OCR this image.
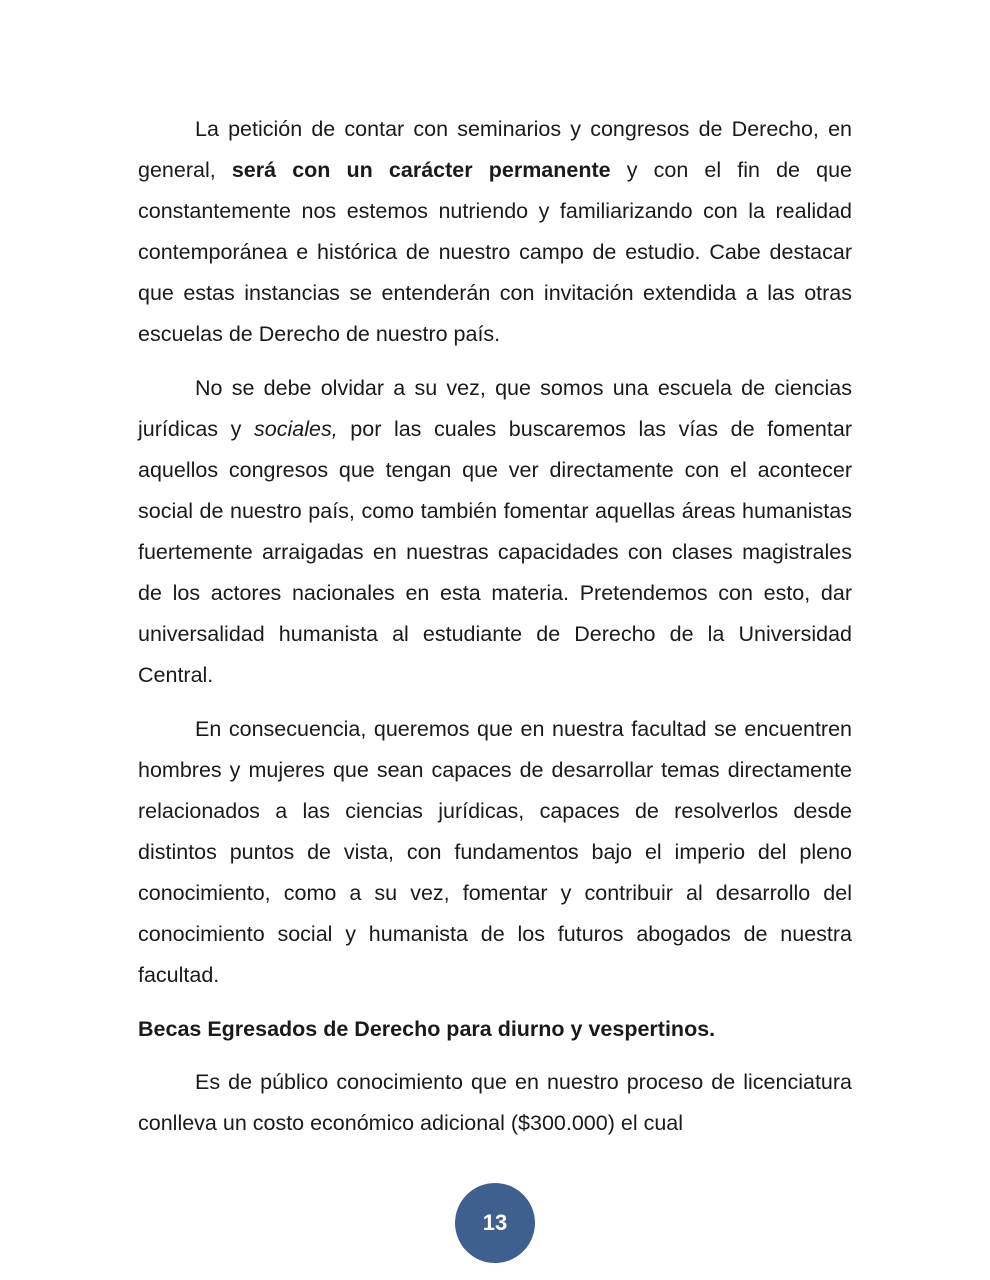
La petición de contar con seminarios y congresos de Derecho, en general, será con un carácter permanente y con el fin de que constantemente nos estemos nutriendo y familiarizando con la realidad contemporánea e histórica de nuestro campo de estudio. Cabe destacar que estas instancias se entenderán con invitación extendida a las otras escuelas de Derecho de nuestro país.

No se debe olvidar a su vez, que somos una escuela de ciencias jurídicas y sociales, por las cuales buscaremos las vías de fomentar aquellos congresos que tengan que ver directamente con el acontecer social de nuestro país, como también fomentar aquellas áreas humanistas fuertemente arraigadas en nuestras capacidades con clases magistrales de los actores nacionales en esta materia. Pretendemos con esto, dar universalidad humanista al estudiante de Derecho de la Universidad Central.

En consecuencia, queremos que en nuestra facultad se encuentren hombres y mujeres que sean capaces de desarrollar temas directamente relacionados a las ciencias jurídicas, capaces de resolverlos desde distintos puntos de vista, con fundamentos bajo el imperio del pleno conocimiento, como a su vez, fomentar y contribuir al desarrollo del conocimiento social y humanista de los futuros abogados de nuestra facultad.

Becas Egresados de Derecho para diurno y vespertinos.

Es de público conocimiento que en nuestro proceso de licenciatura conlleva un costo económico adicional ($300.000) el cual

13
